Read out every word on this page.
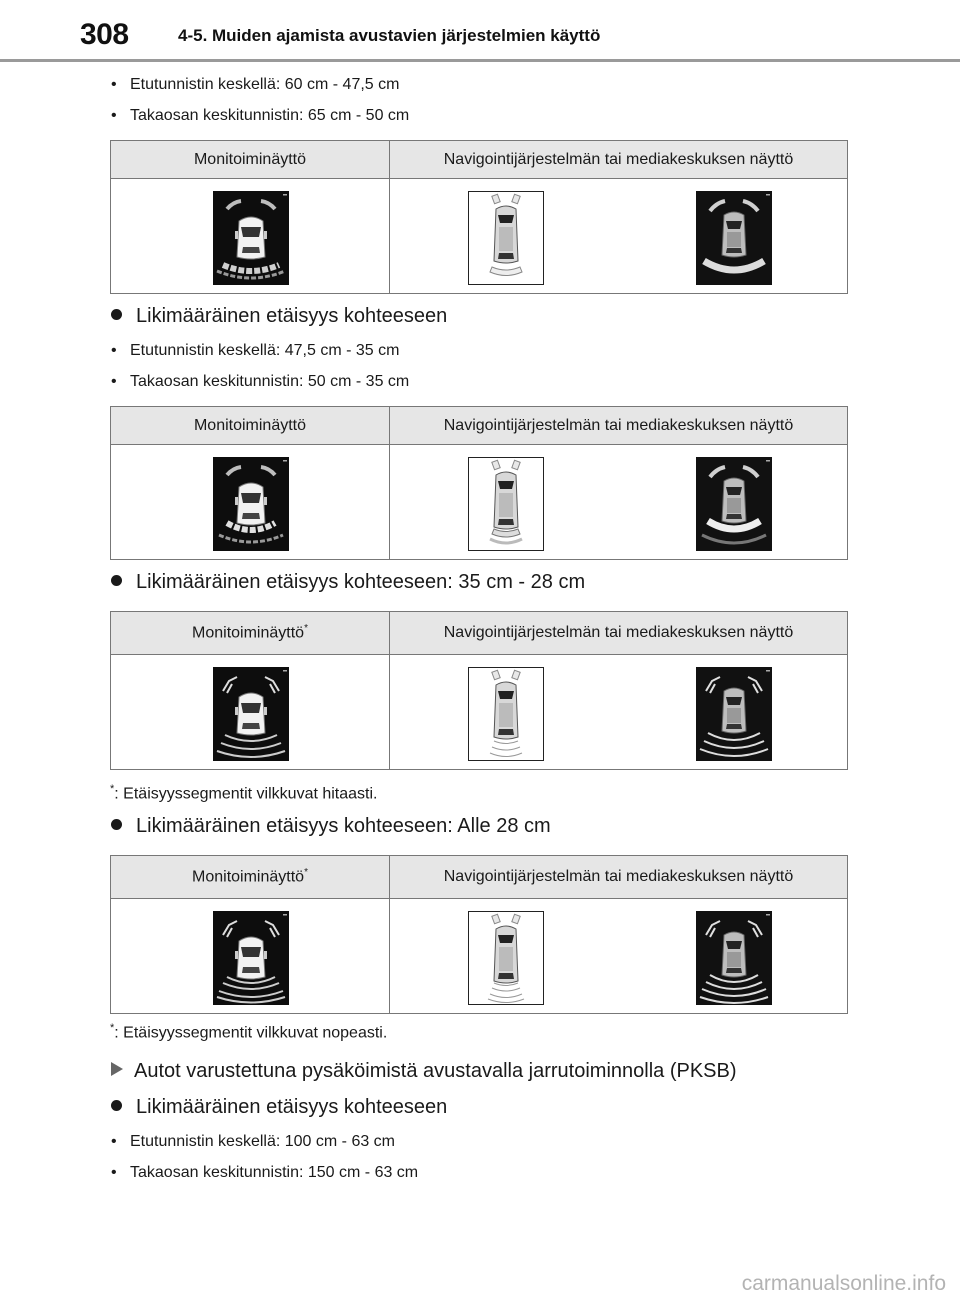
308	4-5. Muiden ajamista avustavien järjestelmien käyttö
• Etutunnistin keskellä: 60 cm - 47,5 cm
• Takaosan keskitunnistin: 65 cm - 50 cm
Monitoiminäyttö	Navigointijärjestelmän tai mediakeskuksen näyttö

Likimääräinen etäisyys kohteeseen
• Etutunnistin keskellä: 47,5 cm - 35 cm
• Takaosan keskitunnistin: 50 cm - 35 cm
Monitoiminäyttö	Navigointijärjestelmän tai mediakeskuksen näyttö

Likimääräinen etäisyys kohteeseen: 35 cm - 28 cm
Monitoiminäyttö*	Navigointijärjestelmän tai mediakeskuksen näyttö

*: Etäisyyssegmentit vilkkuvat hitaasti.
Likimääräinen etäisyys kohteeseen: Alle 28 cm
Monitoiminäyttö*	Navigointijärjestelmän tai mediakeskuksen näyttö

*: Etäisyyssegmentit vilkkuvat nopeasti.
Autot varustettuna pysäköimistä avustavalla jarrutoiminnolla (PKSB)
Likimääräinen etäisyys kohteeseen
• Etutunnistin keskellä: 100 cm - 63 cm
• Takaosan keskitunnistin: 150 cm - 63 cm
carmanualsonline.info
